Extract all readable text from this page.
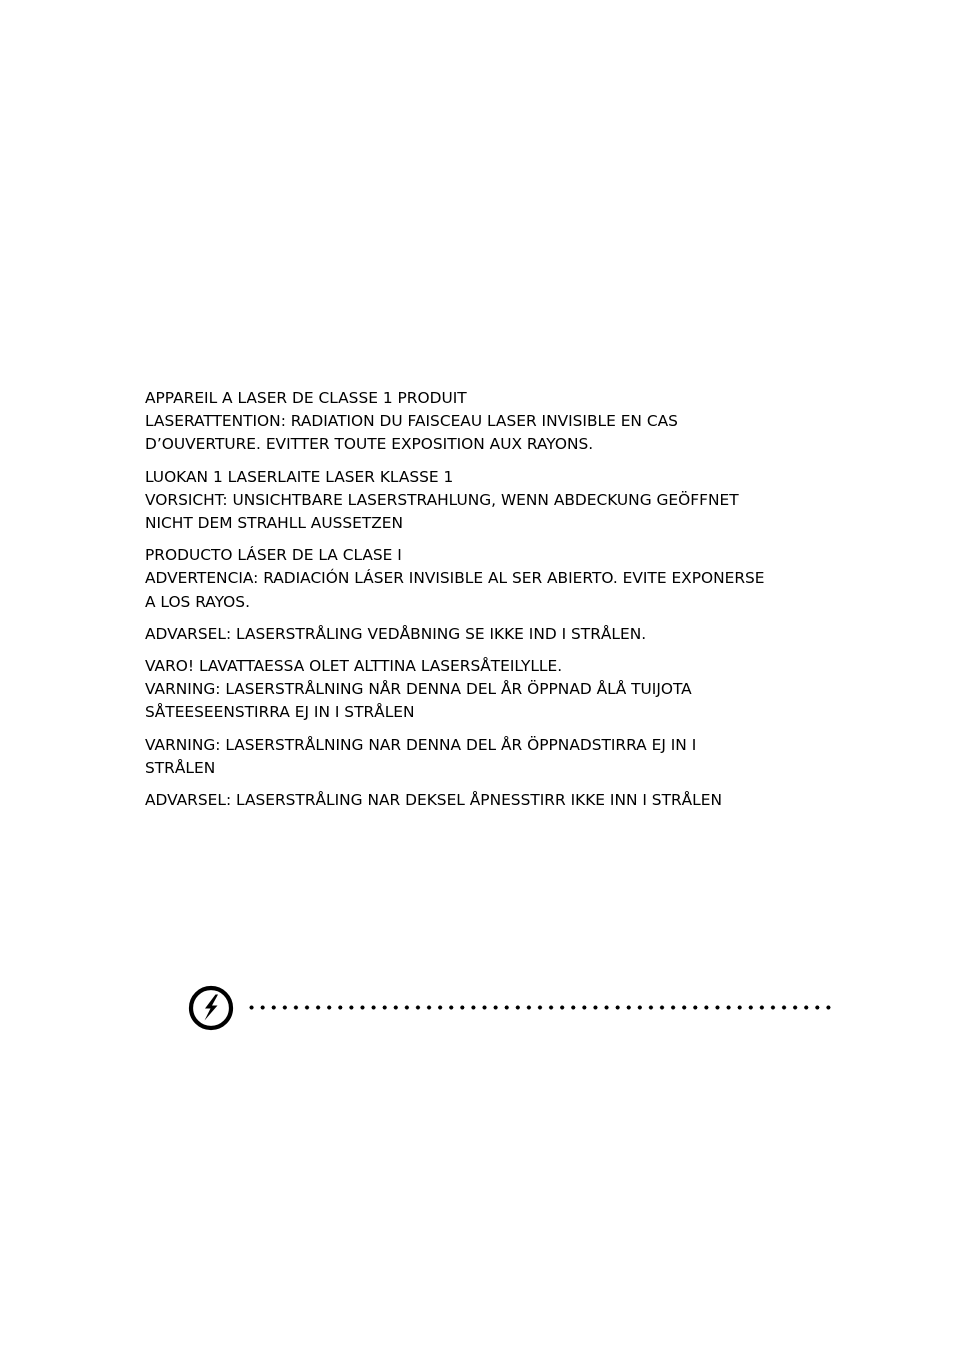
APPAREIL A LASER DE CLASSE 1 PRODUIT
LASERATTENTION: RADIATION DU FAISCEAU LASER INVISIBLE EN CAS
D’OUVERTURE. EVITTER TOUTE EXPOSITION AUX RAYONS.

LUOKAN 1 LASERLAITE LASER KLASSE 1
VORSICHT: UNSICHTBARE LASERSTRAHLUNG, WENN ABDECKUNG GEÖFFNET
NICHT DEM STRAHLL AUSSETZEN

PRODUCTO LÁSER DE LA CLASE I
ADVERTENCIA: RADIACIÓN LÁSER INVISIBLE AL SER ABIERTO. EVITE EXPONERSE
A LOS RAYOS.

ADVARSEL: LASERSTRÅLING VEDÅBNING SE IKKE IND I STRÅLEN.

VARO! LAVATTAESSA OLET ALTTINA LASERSÅTEILYLLE.
VARNING: LASERSTRÅLNING NÅR DENNA DEL ÅR ÖPPNAD ÅLÅ TUIJOTA
SÅTEESEENSTIRRA EJ IN I STRÅLEN

VARNING: LASERSTRÅLNING NAR DENNA DEL ÅR ÖPPNADSTIRRA EJ IN I
STRÅLEN

ADVARSEL: LASERSTRÅLING NAR DEKSEL ÅPNESSTIRR IKKE INN I STRÅLEN
